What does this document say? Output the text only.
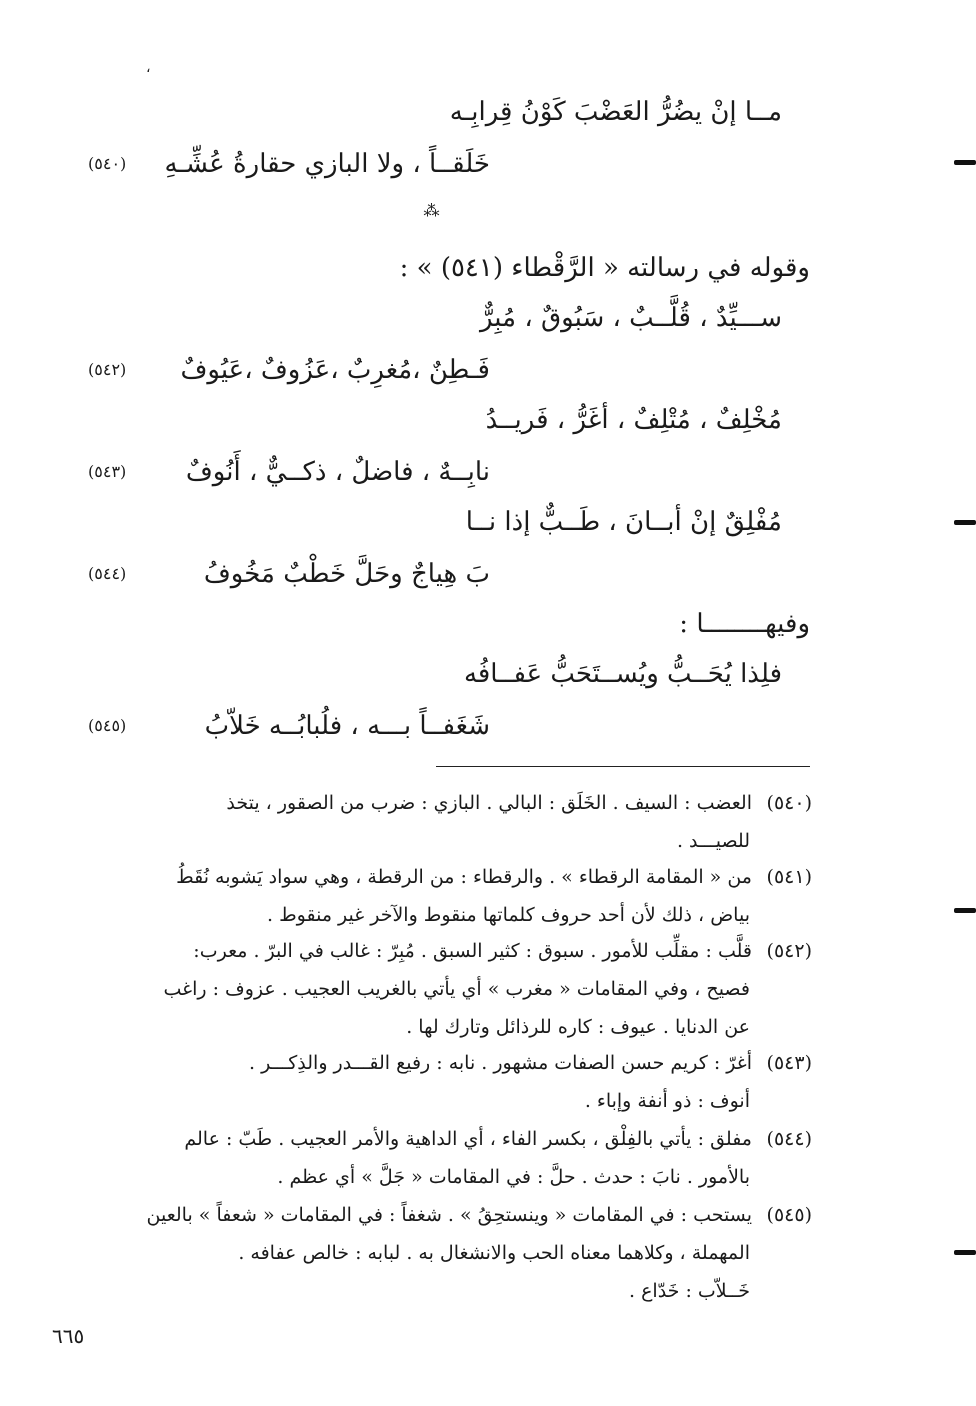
،
مــا إنْ يضُرُّ العَضْبَ كَوْنُ قِرابِـه
خَلَقــاً ، ولا البازي حقارةُ عُشِّـهِ
(٥٤٠)
⁂
وقوله في رسالته « الرَّقْطاء (٥٤١) » :
ســـيِّدٌ ، قُلَّــبٌ ، سَبُوقٌ ، مُبِرٌّ
فَـطِنٌ ،مُغرِبٌ ،عَزُوفٌ ،عَيُوفٌ
(٥٤٢)
مُخْلِفٌ ، مُتْلِفٌ ، أغَرُّ ، فَريــدُ
نابِــهٌ ، فاضلٌ ، ذكــيٌّ ، أَنُوفٌ
(٥٤٣)
مُفْلِقٌ إنْ أبــانَ ، طَــبٌّ إذا نــا
بَ هِياجٌ وحَلَّ خَطْبٌ مَخُوفُ
(٥٤٤)
وفيهــــــــا :
فلِذا يُحَــبُّ ويُســتَحَبُّ عَفــافُه
شَغَفــاً بـــه ، فلُبابُــه خَلاّبُ
(٥٤٥)
(٥٤٠)العضب : السيف . الخَلَق : البالي . البازي : ضرب من الصقور ، يتخذ
للصيـــد .
(٥٤١)من « المقامة الرقطاء » . والرقطاء : من الرقطة ، وهي سواد يَشوبه نُقَطُ
بياض ، ذلك لأن أحد حروف كلماتها منقوط والآخر غير منقوط .
(٥٤٢)قلَّب : مقلِّب للأمور . سبوق : كثير السبق . مُبِرّ : غالب في البرّ . معرب:
فصيح ، وفي المقامات « مغرب » أي يأتي بالغريب العجيب . عزوف : راغب
عن الدنايا . عيوف : كاره للرذائل وتارك لها .
(٥٤٣)أغرّ : كريم حسن الصفات مشهور . نابه : رفيع القـــدر والذِكـــر .
أنوف : ذو أنفة وإباء .
(٥٤٤)مفلق : يأتي بالفِلْق ، بكسر الفاء ، أي الداهية والأمر العجيب . طَبّ : عالم
بالأمور . نابَ : حدث . حلَّ : في المقامات « جَلَّ » أي عظم .
(٥٤٥)يستحب : في المقامات « وينستحِقُ » . شغفاً : في المقامات « شعفاً » بالعين
المهملة ، وكلاهما معناه الحب والانشغال به . لبابه : خالص عفافه .
خَــلاّب : خَدّاع .
٦٦٥
